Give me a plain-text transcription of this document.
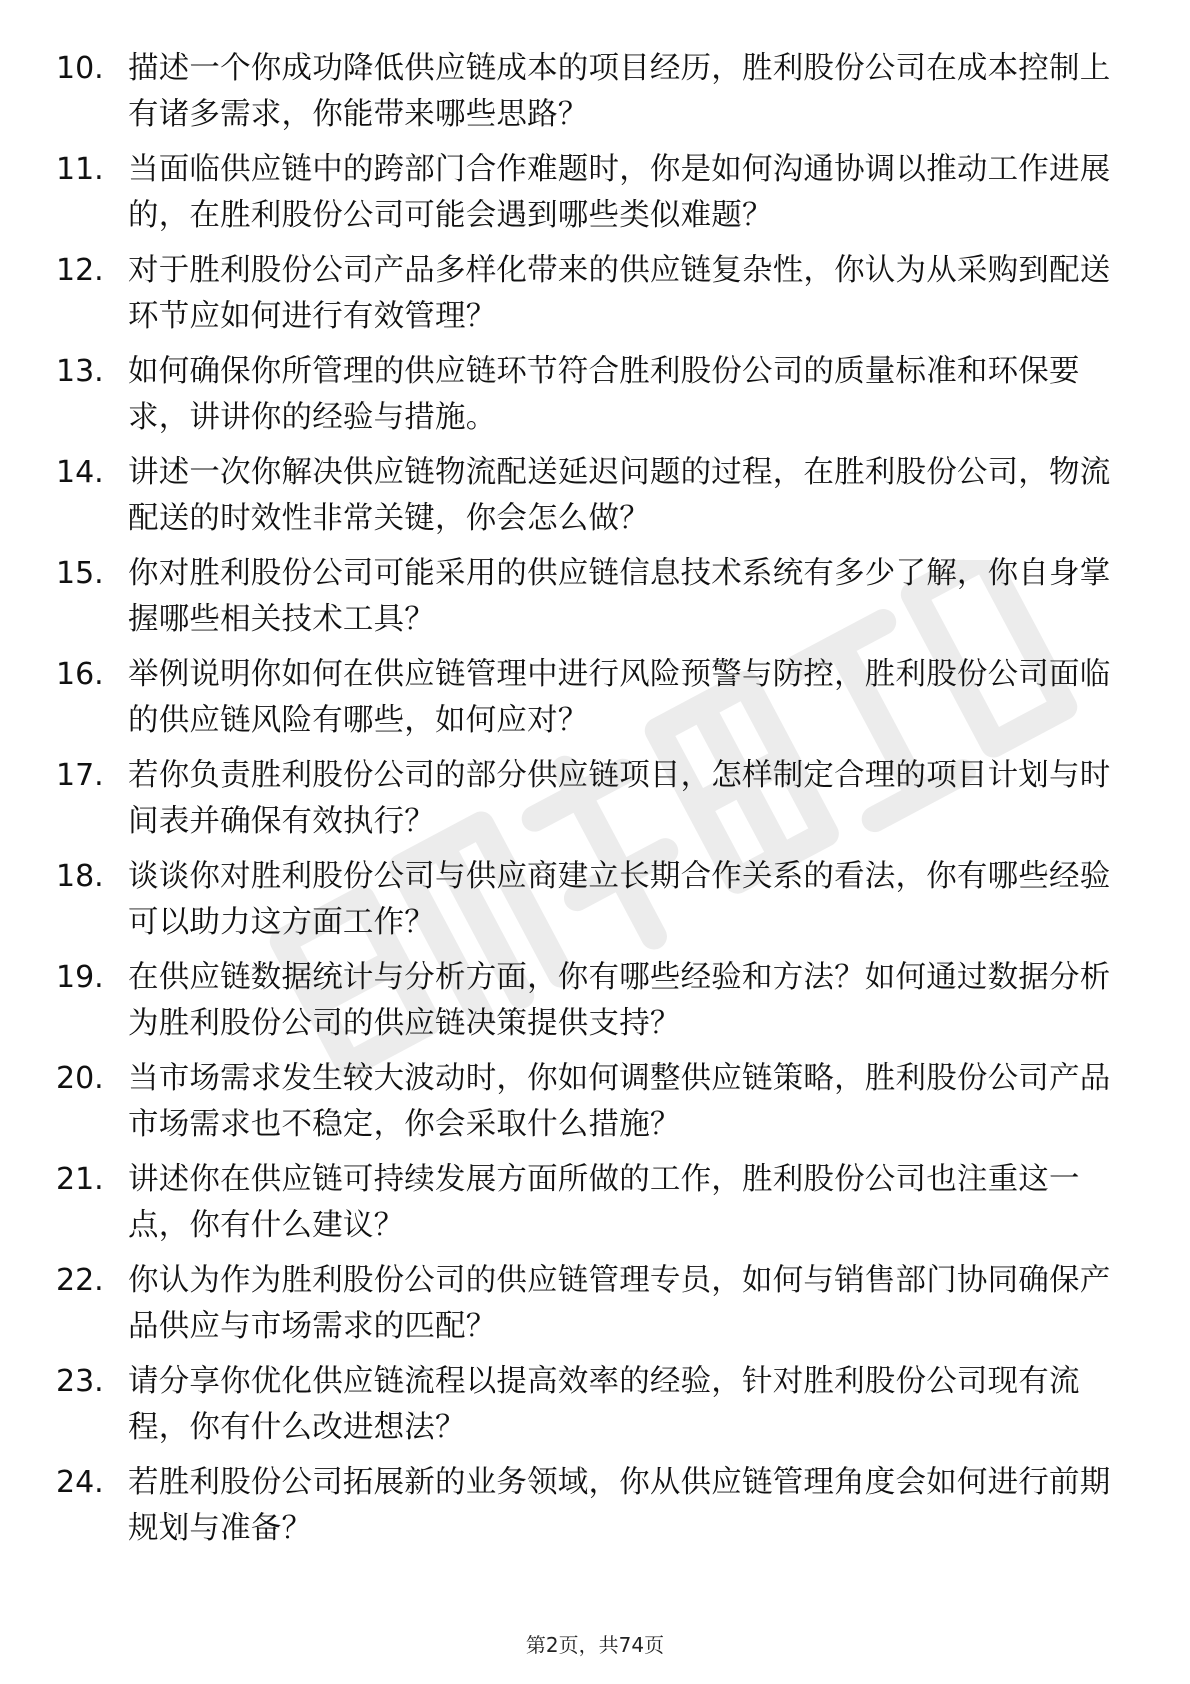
10. 描述一个你成功降低供应链成本的项目经历，胜利股份公司在成本控制上有诸多需求，你能带来哪些思路？
11. 当面临供应链中的跨部门合作难题时，你是如何沟通协调以推动工作进展的，在胜利股份公司可能会遇到哪些类似难题？
12. 对于胜利股份公司产品多样化带来的供应链复杂性，你认为从采购到配送环节应如何进行有效管理？
13. 如何确保你所管理的供应链环节符合胜利股份公司的质量标准和环保要求，讲讲你的经验与措施。
14. 讲述一次你解决供应链物流配送延迟问题的过程，在胜利股份公司，物流配送的时效性非常关键，你会怎么做？
15. 你对胜利股份公司可能采用的供应链信息技术系统有多少了解，你自身掌握哪些相关技术工具？
16. 举例说明你如何在供应链管理中进行风险预警与防控，胜利股份公司面临的供应链风险有哪些，如何应对？
17. 若你负责胜利股份公司的部分供应链项目，怎样制定合理的项目计划与时间表并确保有效执行？
18. 谈谈你对胜利股份公司与供应商建立长期合作关系的看法，你有哪些经验可以助力这方面工作？
19. 在供应链数据统计与分析方面，你有哪些经验和方法？如何通过数据分析为胜利股份公司的供应链决策提供支持？
20. 当市场需求发生较大波动时，你如何调整供应链策略，胜利股份公司产品市场需求也不稳定，你会采取什么措施？
21. 讲述你在供应链可持续发展方面所做的工作，胜利股份公司也注重这一点，你有什么建议？
22. 你认为作为胜利股份公司的供应链管理专员，如何与销售部门协同确保产品供应与市场需求的匹配？
23. 请分享你优化供应链流程以提高效率的经验，针对胜利股份公司现有流程，你有什么改进想法？
24. 若胜利股份公司拓展新的业务领域，你从供应链管理角度会如何进行前期规划与准备？
第2页，共74页
